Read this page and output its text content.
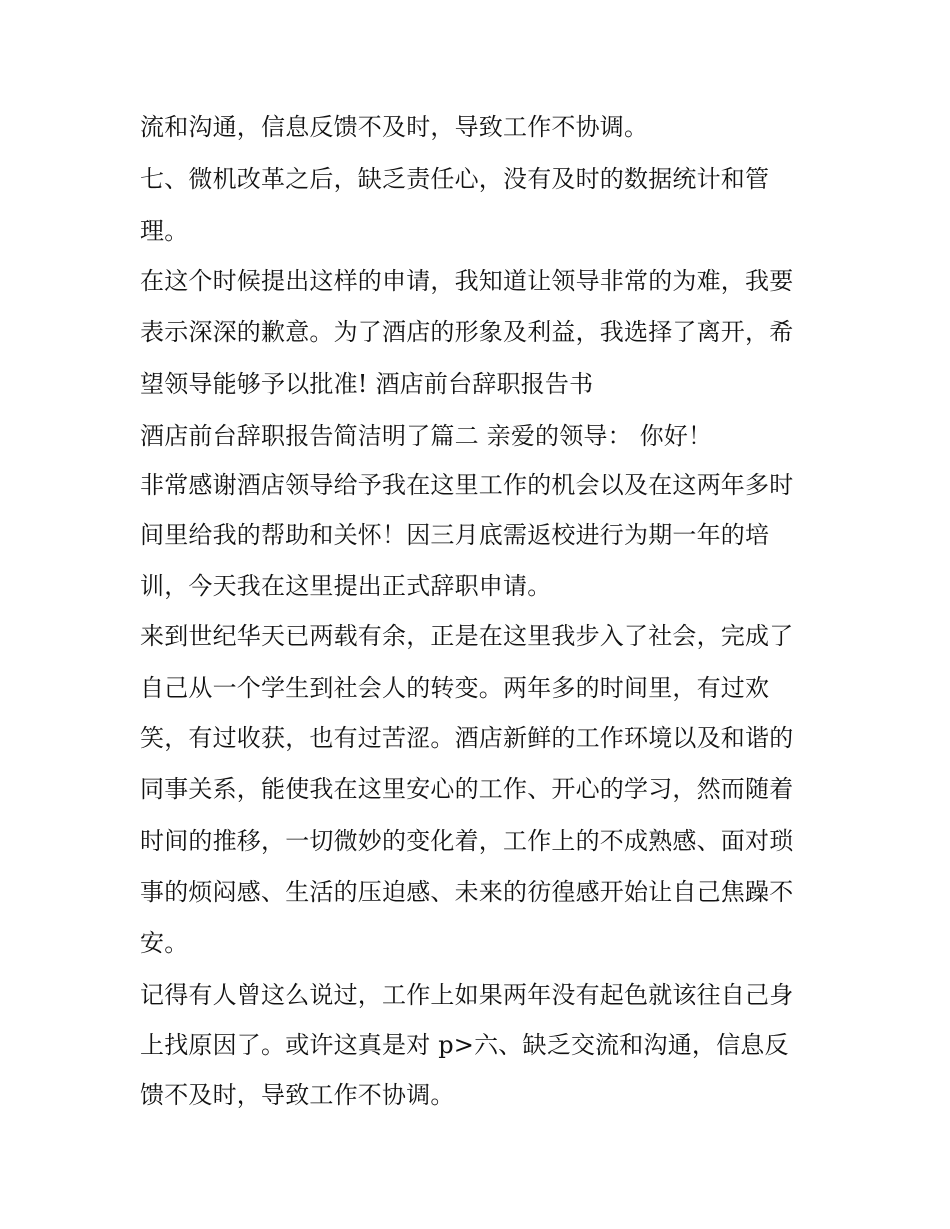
流和沟通，信息反馈不及时，导致工作不协调。
七、微机改革之后，缺乏责任心，没有及时的数据统计和管
理。
在这个时候提出这样的申请，我知道让领导非常的为难，我要
表示深深的歉意。为了酒店的形象及利益，我选择了离开，希
望领导能够予以批准! 酒店前台辞职报告书
酒店前台辞职报告简洁明了篇二 亲爱的领导： 你好！
非常感谢酒店领导给予我在这里工作的机会以及在这两年多时
间里给我的帮助和关怀！因三月底需返校进行为期一年的培
训，今天我在这里提出正式辞职申请。
来到世纪华天已两载有余，正是在这里我步入了社会，完成了
自己从一个学生到社会人的转变。两年多的时间里，有过欢
笑，有过收获，也有过苦涩。酒店新鲜的工作环境以及和谐的
同事关系，能使我在这里安心的工作、开心的学习，然而随着
时间的推移，一切微妙的变化着，工作上的不成熟感、面对琐
事的烦闷感、生活的压迫感、未来的彷徨感开始让自己焦躁不
安。
记得有人曾这么说过，工作上如果两年没有起色就该往自己身
上找原因了。或许这真是对 p>六、缺乏交流和沟通，信息反
馈不及时，导致工作不协调。
